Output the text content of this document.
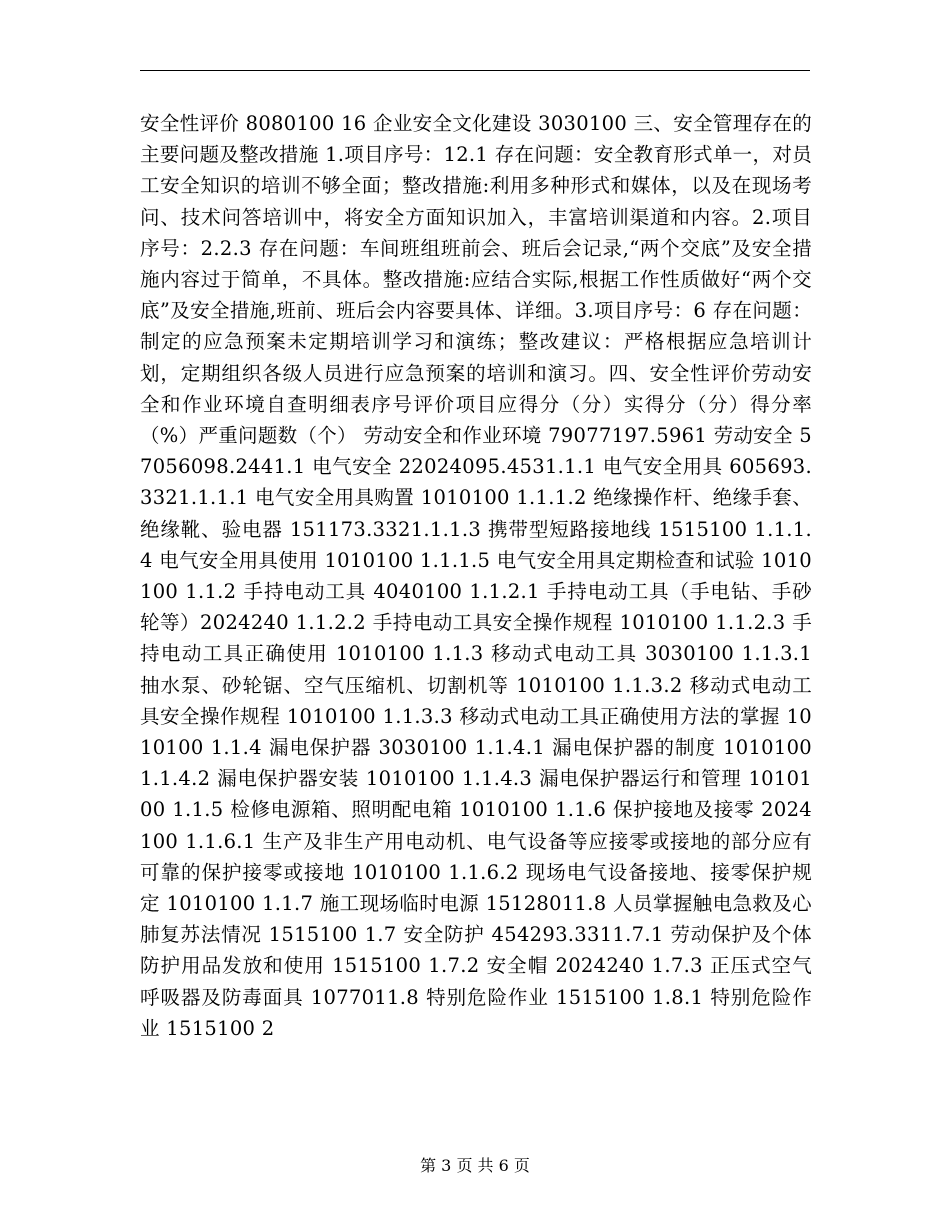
安全性评价 8080100 16 企业安全文化建设 3030100 三、安全管理存在的主要问题及整改措施 1.项目序号：12.1 存在问题：安全教育形式单一，对员工安全知识的培训不够全面；整改措施:利用多种形式和媒体，以及在现场考问、技术问答培训中，将安全方面知识加入，丰富培训渠道和内容。2.项目序号：2.2.3 存在问题：车间班组班前会、班后会记录,“两个交底”及安全措施内容过于简单，不具体。整改措施:应结合实际,根据工作性质做好“两个交底”及安全措施,班前、班后会内容要具体、详细。3.项目序号：6 存在问题：制定的应急预案未定期培训学习和演练；整改建议：严格根据应急培训计划，定期组织各级人员进行应急预案的培训和演习。四、安全性评价劳动安全和作业环境自查明细表序号评价项目应得分（分）实得分（分）得分率（%）严重问题数（个） 劳动安全和作业环境 79077197.5961 劳动安全 57056098.2441.1 电气安全 22024095.4531.1.1 电气安全用具 605693.3321.1.1.1 电气安全用具购置 1010100 1.1.1.2 绝缘操作杆、绝缘手套、绝缘靴、验电器 151173.3321.1.1.3 携带型短路接地线 1515100 1.1.1.4 电气安全用具使用 1010100 1.1.1.5 电气安全用具定期检查和试验 1010100 1.1.2 手持电动工具 4040100 1.1.2.1 手持电动工具（手电钻、手砂轮等）2024240 1.1.2.2 手持电动工具安全操作规程 1010100 1.1.2.3 手持电动工具正确使用 1010100 1.1.3 移动式电动工具 3030100 1.1.3.1 抽水泵、砂轮锯、空气压缩机、切割机等 1010100 1.1.3.2 移动式电动工具安全操作规程 1010100 1.1.3.3 移动式电动工具正确使用方法的掌握 1010100 1.1.4 漏电保护器 3030100 1.1.4.1 漏电保护器的制度 1010100 1.1.4.2 漏电保护器安装 1010100 1.1.4.3 漏电保护器运行和管理 1010100 1.1.5 检修电源箱、照明配电箱 1010100 1.1.6 保护接地及接零 2024100 1.1.6.1 生产及非生产用电动机、电气设备等应接零或接地的部分应有可靠的保护接零或接地 1010100 1.1.6.2 现场电气设备接地、接零保护规定 1010100 1.1.7 施工现场临时电源 15128011.8 人员掌握触电急救及心肺复苏法情况 1515100 1.7 安全防护 454293.3311.7.1 劳动保护及个体防护用品发放和使用 1515100 1.7.2 安全帽 2024240 1.7.3 正压式空气呼吸器及防毒面具 1077011.8 特别危险作业 1515100 1.8.1 特别危险作业 1515100 2

第 3 页 共 6 页
